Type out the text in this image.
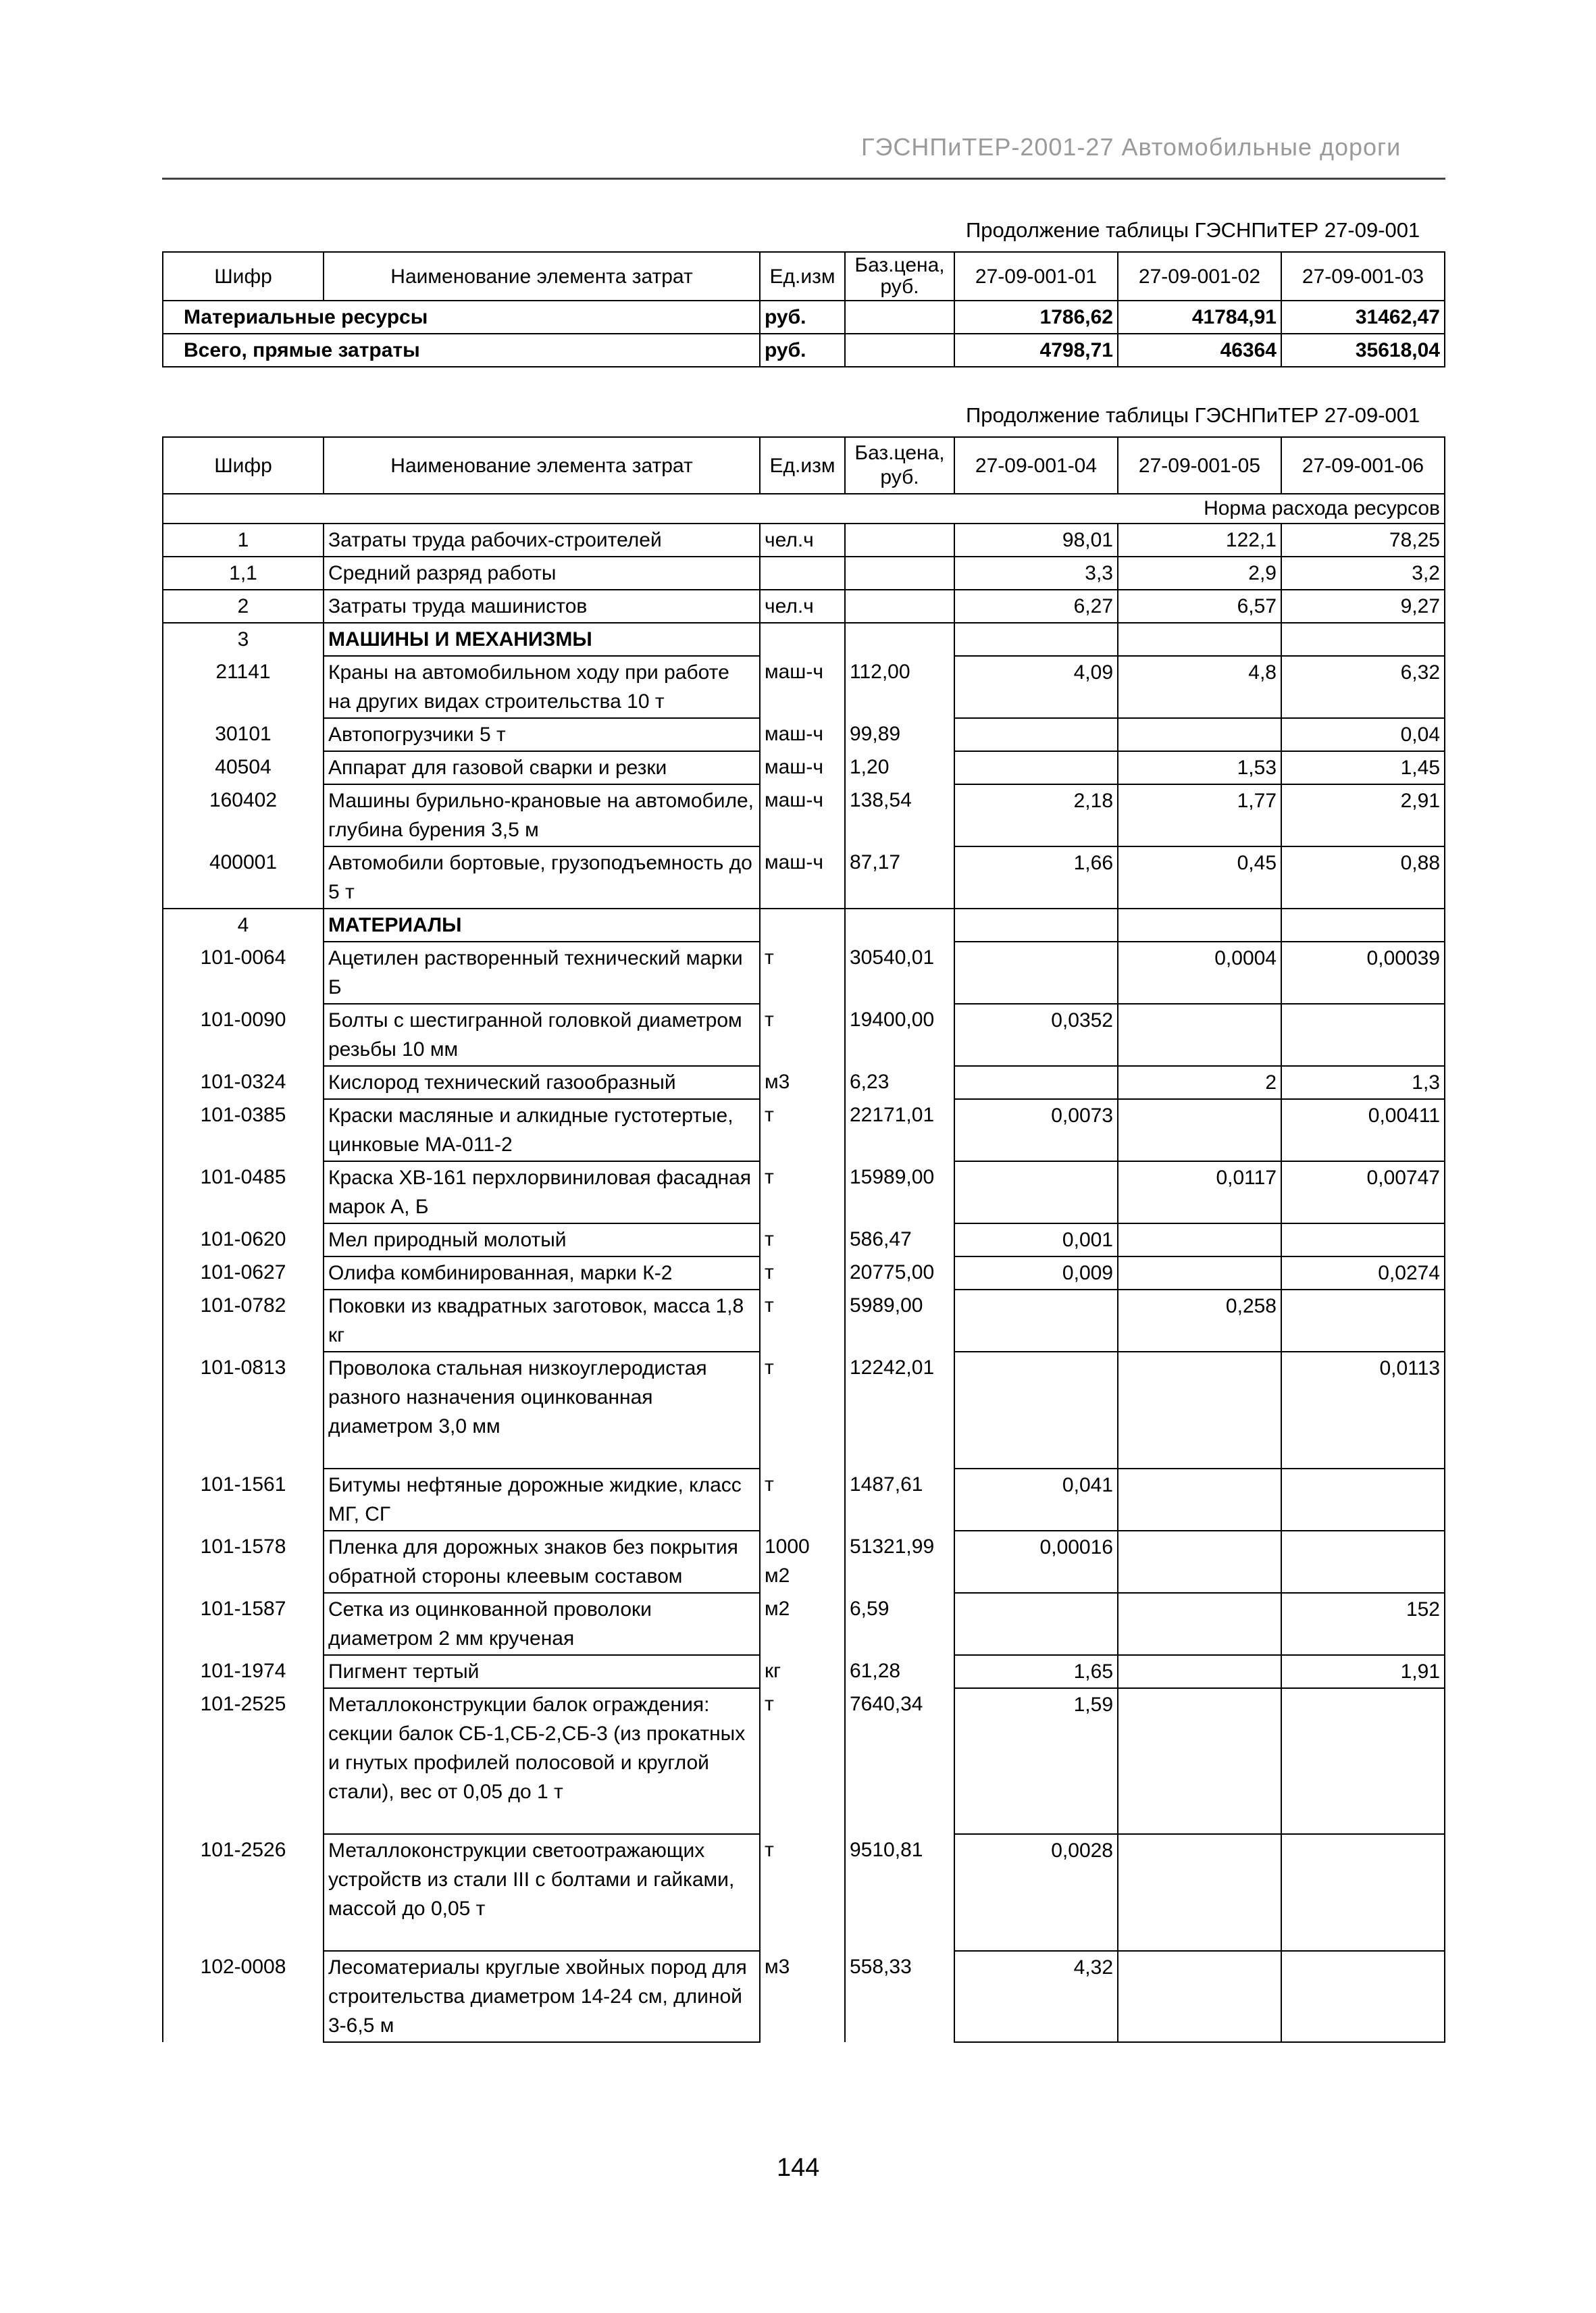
ГЭСНПиТЕР-2001-27 Автомобильные дороги
Продолжение таблицы ГЭСНПиТЕР 27-09-001
Шифр	Наименование элемента затрат	Ед.изм	Баз.цена, руб.	27-09-001-01	27-09-001-02	27-09-001-03
Материальные ресурсы		руб.		1786,62	41784,91	31462,47
Всего, прямые затраты		руб.		4798,71	46364	35618,04
Продолжение таблицы ГЭСНПиТЕР 27-09-001
Шифр	Наименование элемента затрат	Ед.изм	Баз.цена, руб.	27-09-001-04	27-09-001-05	27-09-001-06
Норма расхода ресурсов						
1	Затраты труда рабочих-строителей	чел.ч		98,01	122,1	78,25
1,1	Средний разряд работы			3,3	2,9	3,2
2	Затраты труда машинистов	чел.ч		6,27	6,57	9,27
3	МАШИНЫ И МЕХАНИЗМЫ					
21141	Краны на автомобильном ходу при работе на других видах строительства 10 т	маш-ч	112,00	4,09	4,8	6,32
30101	Автопогрузчики 5 т	маш-ч	99,89			0,04
40504	Аппарат для газовой сварки и резки	маш-ч	1,20		1,53	1,45
160402	Машины бурильно-крановые на автомобиле, глубина бурения 3,5 м	маш-ч	138,54	2,18	1,77	2,91
400001	Автомобили бортовые, грузоподъемность до 5 т	маш-ч	87,17	1,66	0,45	0,88
4	МАТЕРИАЛЫ					
101-0064	Ацетилен растворенный технический марки Б	т	30540,01		0,0004	0,00039
101-0090	Болты с шестигранной головкой диаметром резьбы 10 мм	т	19400,00	0,0352		
101-0324	Кислород технический газообразный	м3	6,23		2	1,3
101-0385	Краски масляные и алкидные густотертые, цинковые МА-011-2	т	22171,01	0,0073		0,00411
101-0485	Краска ХВ-161 перхлорвиниловая фасадная марок А, Б	т	15989,00		0,0117	0,00747
101-0620	Мел природный молотый	т	586,47	0,001		
101-0627	Олифа комбинированная, марки К-2	т	20775,00	0,009		0,0274
101-0782	Поковки из квадратных заготовок, масса 1,8 кг	т	5989,00		0,258	
101-0813	Проволока стальная низкоуглеродистая разного назначения оцинкованная диаметром 3,0 мм	т	12242,01			0,0113
101-1561	Битумы нефтяные дорожные жидкие, класс МГ, СГ	т	1487,61	0,041		
101-1578	Пленка для дорожных знаков без покрытия обратной стороны клеевым составом	1000 м2	51321,99	0,00016		
101-1587	Сетка из оцинкованной проволоки диаметром 2 мм крученая	м2	6,59			152
101-1974	Пигмент тертый	кг	61,28	1,65		1,91
101-2525	Металлоконструкции балок ограждения: секции балок СБ-1,СБ-2,СБ-3 (из прокатных и гнутых профилей полосовой и круглой стали), вес от 0,05 до 1 т	т	7640,34	1,59		
101-2526	Металлоконструкции светоотражающих устройств из стали III с болтами и гайками, массой до 0,05 т	т	9510,81	0,0028		
102-0008	Лесоматериалы круглые хвойных пород для строительства диаметром 14-24 см, длиной 3-6,5 м	м3	558,33	4,32		
144
